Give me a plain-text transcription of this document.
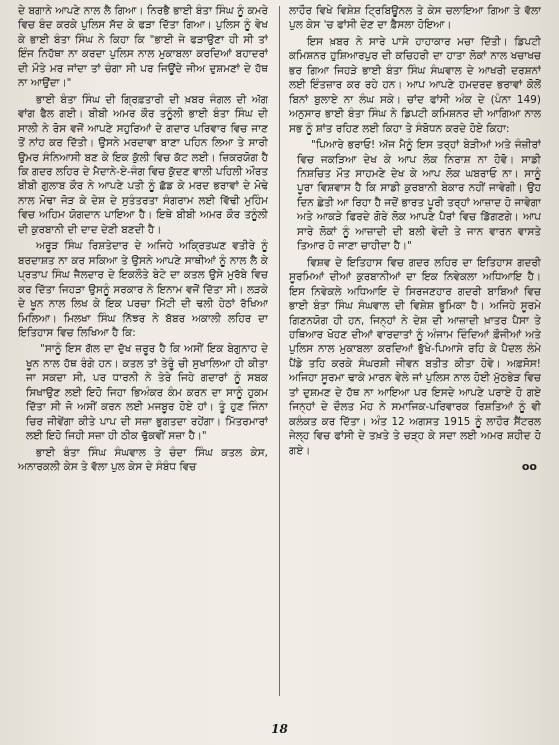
ਦੇ ਬਗਾਨੇ ਆਪਣੇ ਨਾਲ ਲੈ ਗਿਆ। ਨਿਰਭੈ ਭਾਈ ਬੰਤਾ ਸਿੰਘ ਨੂੰ ਕਮਰੇ ਵਿਚ ਬੰਦ ਕਰਕੇ ਪੁਲਿਸ ਸੱਦ ਕੇ ਫੜਾ ਦਿੱਤਾ ਗਿਆ। ਪੁਲਿਸ ਨੂੰ ਵੇਖ ਕੇ ਭਾਈ ਬੰਤਾ ਸਿੰਘ ਨੇ ਕਿਹਾ ਕਿ "ਭਾਈ ਜੇ ਫੜਾਉਣਾ ਹੀ ਸੀ ਤਾਂ ਇੰਜ ਨਿਹੱਥਾ ਨਾ ਕਰਦਾ ਪੁਲਿਸ ਨਾਲ ਮੁਕਾਬਲਾ ਕਰਦਿਆਂ ਬਹਾਦਰਾਂ ਦੀ ਮੌਤੇ ਮਰ ਜਾਂਦਾ ਤਾਂ ਚੰਗਾ ਸੀ ਪਰ ਜਿਊਂਦੇ ਜੀਅ ਦੁਸ਼ਮਣਾਂ ਦੇ ਹੱਥ ਨਾ ਆਉਂਦਾ।"

ਭਾਈ ਬੰਤਾ ਸਿੰਘ ਦੀ ਗ੍ਰਿਫ਼ਤਾਰੀ ਦੀ ਖ਼ਬਰ ਜੰਗਲ ਦੀ ਅੱਗ ਵਾਂਗ ਫੈਲ ਗਈ। ਬੀਬੀ ਅਮਰ ਕੌਰ ਤਨੂੰਲੀ ਭਾਈ ਬੰਤਾ ਸਿੰਘ ਦੀ ਸਾਲੀ ਨੇ ਰੋਸ ਵਜੋਂ ਆਪਣੇ ਸਹੁਰਿਆਂ ਦੇ ਗਦਾਰ ਪਰਿਵਾਰ ਵਿਚ ਜਾਣ ਤੋਂ ਨਾਂਹ ਕਰ ਦਿੱਤੀ। ਉਸਨੇ ਮਰਦਾਵਾ ਬਾਣਾ ਪਹਿਨ ਲਿਆ ਤੇ ਸਾਰੀ ਉਮਰ ਸੰਨਿਆਸੀ ਬਣ ਕੇ ਇਕ ਕੁੱਲੀ ਵਿਚ ਕੱਟ ਲਈ। ਜ਼ਿਕਰਯੋਗ ਹੈ ਕਿ ਗਦਰ ਲਹਿਰ ਦੇ ਮੈਦਾਨੇ-ਏ-ਜੰਗ ਵਿਚ ਕੁੱਦਣ ਵਾਲੀ ਪਹਿਲੀ ਔਰਤ ਬੀਬੀ ਗੁਲਾਬ ਕੌਰ ਨੇ ਆਪਣੇ ਪਤੀ ਨੂੰ ਛੱਡ ਕੇ ਮਰਦ ਭਰਾਵਾਂ ਦੇ ਮੋਢੇ ਨਾਲ ਮੋਢਾ ਜੋੜ ਕੇ ਦੇਸ਼ ਦੇ ਸੁਤੰਤਰਤਾ ਸੰਗਰਾਮ ਲਈ ਵਿੱਢੀ ਮੁਹਿੰਮ ਵਿਚ ਅਹਿਮ ਯੋਗਦਾਨ ਪਾਇਆ ਹੈ। ਇਥੇ ਬੀਬੀ ਅਮਰ ਕੌਰ ਤਨੂੰਲੀ ਦੀ ਕੁਰਬਾਨੀ ਦੀ ਦਾਦ ਦੇਣੀ ਬਣਦੀ ਹੈ।

ਅਰੂੜ ਸਿੰਘ ਰਿਸ਼ਤੇਦਾਰ ਦੇ ਅਜਿਹੇ ਅਕ੍ਰਿਤਘਣ ਵਤੀਰੇ ਨੂੰ ਬਰਦਾਸ਼ਤ ਨਾ ਕਰ ਸਕਿਆ ਤੇ ਉਸਨੇ ਆਪਣੇ ਸਾਥੀਆਂ ਨੂੰ ਨਾਲ ਲੈ ਕੇ ਪ੍ਰਤਾਪ ਸਿੰਘ ਜੈਲਦਾਰ ਦੇ ਇਕਲੌਤੇ ਬੇਟੇ ਦਾ ਕਤਲ ਉਸੇ ਮੁਰੱਬੇ ਵਿਚ ਕਰ ਦਿੱਤਾ ਜਿਹੜਾ ਉਸਨੂੰ ਸਰਕਾਰ ਨੇ ਇਨਾਮ ਵਜੋਂ ਦਿੱਤਾ ਸੀ। ਲੜਕੇ ਦੇ ਖੂਨ ਨਾਲ ਲਿਖ ਕੇ ਇਕ ਪਰਚਾ ਮਿੱਟੀ ਦੀ ਢਲੀ ਹੇਠਾਂ ਰੱਖਿਆ ਮਿਲਿਆ। ਮਿਲਖਾ ਸਿੰਘ ਨਿੱਝਰ ਨੇ ਬੱਬਰ ਅਕਾਲੀ ਲਹਿਰ ਦਾ ਇਤਿਹਾਸ ਵਿਚ ਲਿਖਿਆ ਹੈ ਕਿ:

"ਸਾਨੂੰ ਇਸ ਗੱਲ ਦਾ ਦੁੱਖ ਜ਼ਰੂਰ ਹੈ ਕਿ ਅਸੀਂ ਇਕ ਬੇਗੁਨਾਹ ਦੇ ਖੂਨ ਨਾਲ ਹੱਥ ਰੰਗੇ ਹਨ। ਕਤਲ ਤਾਂ ਤੇਰੂੰ ਚੀ ਸੁਖਾਲਿਆ ਹੀ ਕੀਤਾ ਜਾ ਸਕਦਾ ਸੀ, ਪਰ ਧਾਰਨੀ ਨੇ ਤੇਰੇ ਜਿਹੇ ਗਦਾਰਾਂ ਨੂੰ ਸਬਕ ਸਿਖਾਉਣ ਲਈ ਇਹੋ ਜਿਹਾ ਭਿਅੰਕਰ ਕੰਮ ਕਰਨ ਦਾ ਸਾਨੂੰ ਹੁਕਮ ਦਿੱਤਾ ਸੀ ਜੋ ਅਸੀਂ ਕਰਨ ਲਈ ਮਜਬੂਰ ਹੋਏ ਹਾਂ। ਤੂੰ ਹੁਣ ਜਿੰਨਾ ਚਿਰ ਜੀਵੇਂਗਾ ਕੀਤੇ ਪਾਪ ਦੀ ਸਜ਼ਾ ਭੁਗਤਦਾ ਰਹੇਂਗਾ। ਮਿੱਤਰਮਾਰਾਂ ਲਈ ਇਹੋ ਜਿਹੀ ਸਜ਼ਾ ਹੀ ਠੀਕ ਢੁੱਕਵੀਂ ਸਜ਼ਾ ਹੈ।"

ਭਾਈ ਬੰਤਾ ਸਿੰਘ ਸੰਘਵਾਲ ਤੇ ਚੰਦਾ ਸਿੰਘ ਕਤਲ ਕੇਸ, ਅਨਾਰਕਲੀ ਕੇਸ ਤੇ ਵੱਲਾ ਪੁਲ ਕੇਸ ਦੇ ਸੰਬੰਧ ਵਿਚ

ਲਾਹੌਰ ਵਿਖੇ ਵਿਸ਼ੇਸ਼ ਟ੍ਰਿਬਿਊਨਲ ਤੇ ਕੇਸ ਚਲਾਇਆ ਗਿਆ ਤੇ ਵੱਲਾ ਪੁਲ ਕੇਸ 'ਚ ਫਾਂਸੀ ਦੇਣ ਦਾ ਫ਼ੈਸਲਾ ਹੋਇਆ।

ਇਸ ਖ਼ਬਰ ਨੇ ਸਾਰੇ ਪਾਸੇ ਹਾਹਾਕਾਰ ਮਚਾ ਦਿੱਤੀ। ਡਿਪਟੀ ਕਮਿਸ਼ਨਰ ਹੁਸ਼ਿਆਰਪੁਰ ਦੀ ਕਚਿਹਰੀ ਦਾ ਹਾਤਾ ਲੋਕਾਂ ਨਾਲ ਖਚਾਖਚ ਭਰ ਗਿਆ ਜਿਹੜੇ ਭਾਈ ਬੰਤਾ ਸਿੰਘ ਸੰਘਵਾਲ ਦੇ ਆਖਰੀ ਦਰਸ਼ਨਾਂ ਲਈ ਇੰਤਜ਼ਾਰ ਕਰ ਰਹੇ ਹਨ। ਆਪ ਆਪਣੇ ਹਮਦਰਦ ਭਰਾਵਾਂ ਕੋਲੋਂ ਬਿਨਾਂ ਬੁਲਾਏ ਨਾ ਲੰਘ ਸਕੇ। ਚਾਂਦ ਫਾਂਸੀ ਅੰਕ ਦੇ (ਪੰਨਾ 149) ਅਨੁਸਾਰ ਭਾਈ ਬੰਤਾ ਸਿੰਘ ਨੇ ਡਿਪਟੀ ਕਮਿਸ਼ਨਰ ਦੀ ਆਗਿਆ ਨਾਲ ਸਭ ਨੂੰ ਸ਼ਾਂਤ ਰਹਿਣ ਲਈ ਕਿਹਾ ਤੇ ਸੰਬੋਧਨ ਕਰਦੇ ਹੋਏ ਕਿਹਾ:

"ਪਿਆਰੇ ਭਰਾਓ! ਅੱਜ ਮੈਨੂੰ ਇਸ ਤਰ੍ਹਾਂ ਬੇੜੀਆਂ ਅਤੇ ਜੰਜ਼ੀਰਾਂ ਵਿਚ ਜਕੜਿਆ ਦੇਖ ਕੇ ਆਪ ਲੋਕ ਨਿਰਾਸ਼ ਨਾ ਹੋਵੋ। ਸਾਡੀ ਨਿਸ਼ਚਿਤ ਮੌਤ ਸਾਹਮਣੇ ਦੇਖ ਕੇ ਆਪ ਲੋਕ ਘਬਰਾਓ ਨਾ। ਸਾਨੂੰ ਪੂਰਾ ਵਿਸ਼ਵਾਸ ਹੈ ਕਿ ਸਾਡੀ ਕੁਰਬਾਨੀ ਬੇਕਾਰ ਨਹੀਂ ਜਾਵੇਗੀ। ਉਹ ਦਿਨ ਛੇਤੀ ਆ ਰਿਹਾ ਹੈ ਜਦੋਂ ਭਾਰਤ ਪੂਰੀ ਤਰ੍ਹਾਂ ਆਜ਼ਾਦ ਹੋ ਜਾਵੇਗਾ ਅਤੇ ਆਕੜੇ ਫਿਰਦੇ ਗੋਰੇ ਲੋਕ ਆਪਣੇ ਪੈਰਾਂ ਵਿਚ ਡਿੱਗਣਗੇ। ਆਪ ਸਾਰੇ ਲੋਕਾਂ ਨੂੰ ਆਜ਼ਾਦੀ ਦੀ ਬਲੀ ਵੇਦੀ ਤੇ ਜਾਨ ਵਾਰਨ ਵਾਸਤੇ ਤਿਆਰ ਹੋ ਜਾਣਾ ਚਾਹੀਦਾ ਹੈ।"

ਵਿਸ਼ਵ ਦੇ ਇਤਿਹਾਸ ਵਿਚ ਗਦਰ ਲਹਿਰ ਦਾ ਇਤਿਹਾਸ ਗਦਰੀ ਸੂਰਮਿਆਂ ਦੀਆਂ ਕੁਰਬਾਨੀਆਂ ਦਾ ਇਕ ਨਿਵੇਕਲਾ ਅਧਿਆਇ ਹੈ। ਇਸ ਨਿਵੇਕਲੇ ਅਧਿਆਇ ਦੇ ਸਿਰਜਣਹਾਰ ਗਦਰੀ ਬਾਬਿਆਂ ਵਿਚ ਭਾਈ ਬੰਤਾ ਸਿੰਘ ਸੰਘਵਾਲ ਦੀ ਵਿਸ਼ੇਸ਼ ਭੂਮਿਕਾ ਹੈ। ਅਜਿਹੇ ਸੂਰਮੇ ਗਿਣਨਯੋਗ ਹੀ ਹਨ, ਜਿਨ੍ਹਾਂ ਨੇ ਦੇਸ਼ ਦੀ ਆਜ਼ਾਦੀ ਖ਼ਾਤਰ ਪੈਸਾ ਤੇ ਹਥਿਆਰ ਖੋਹਣ ਦੀਆਂ ਵਾਰਦਾਤਾਂ ਨੂੰ ਅੰਜਾਮ ਦਿੰਦਿਆਂ ਫ਼ੌਜੀਆਂ ਅਤੇ ਪੁਲਿਸ ਨਾਲ ਮੁਕਾਬਲਾ ਕਰਦਿਆਂ ਭੁੱਖੇ-ਪਿਆਸੇ ਰਹਿ ਕੇ ਪੈਦਲ ਲੰਮੇ ਪੈਂਡੇ ਤਹਿ ਕਰਕੇ ਸੰਘਰਸ਼ੀ ਜੀਵਨ ਬਤੀਤ ਕੀਤਾ ਹੋਵੇ। ਅਫ਼ਸੋਸ! ਅਜਿਹਾ ਸੂਰਮਾ ਢਾਕੇ ਮਾਰਨ ਵੇਲੇ ਜਾਂ ਪੁਲਿਸ ਨਾਲ ਹੋਈ ਮੁੱਠਭੇੜ ਵਿਚ ਤਾਂ ਦੁਸ਼ਮਣ ਦੇ ਹੱਥ ਨਾ ਆਇਆ ਪਰ ਇਸਦੇ ਆਪਣੇ ਪਰਾਏ ਹੋ ਗਏ ਜਿਨ੍ਹਾਂ ਦੇ ਦੌਲਤ ਮੋਹ ਨੇ ਸਮਾਜਿਕ-ਪਰਿਵਾਰਕ ਰਿਸ਼ਤਿਆਂ ਨੂੰ ਵੀ ਕਲੰਕਤ ਕਰ ਦਿੱਤਾ। ਅੰਤ 12 ਅਗਸਤ 1915 ਨੂੰ ਲਾਹੌਰ ਸੈਂਟਰਲ ਜੇਲ੍ਹ ਵਿਚ ਫਾਂਸੀ ਦੇ ਤਖ਼ਤੇ ਤੇ ਚੜ੍ਹ ਕੇ ਸਦਾ ਲਈ ਅਮਰ ਸ਼ਹੀਦ ਹੋ ਗਏ।

oo
18
